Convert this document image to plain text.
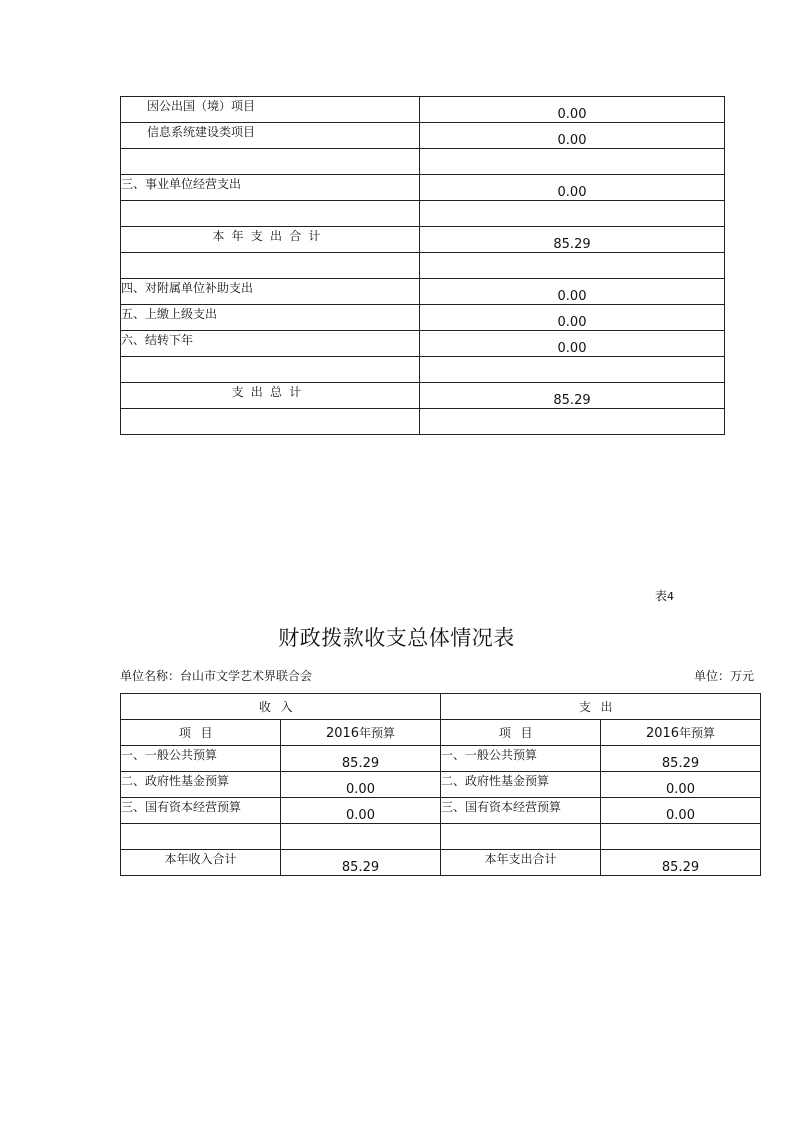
因公出国（境）项目	0.00

信息系统建设类项目	0.00

三、事业单位经营支出	0.00

本年支出合计	85.29

四、对附属单位补助支出	0.00

五、上缴上级支出	0.00

六、结转下年	0.00

支出总计	85.29

表4
财政拨款收支总体情况表
单位名称：台山市文学艺术界联合会	单位：万元
收入		支出	
项目	2016年预算	项目	2016年预算

一、一般公共预算	85.29	一、一般公共预算	85.29

二、政府性基金预算	0.00	二、政府性基金预算	0.00

三、国有资本经营预算	0.00	三、国有资本经营预算	0.00

本年收入合计	85.29	本年支出合计	85.29
